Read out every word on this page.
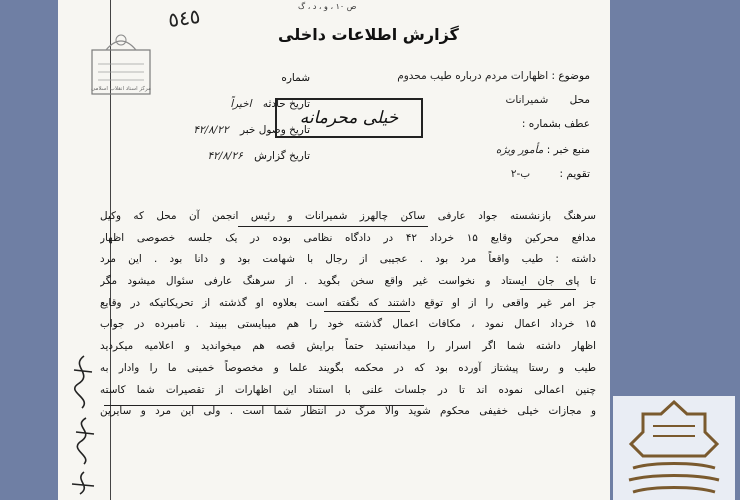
٥٤٥	ص ۱۰ ، و ، د ، گ
گزارش اطلاعات داخلی
مرکز اسناد انقلاب اسلامی
موضوع : اظهارات مردم درباره طیب محدوم
محل شمیرانات
عطف بشماره :
منبع خبر : مأمور ویژه
تقویم : ب-۲
شماره
تاریخ حادثه اخیراً
تاریخ وصول خبر ۴۲/۸/۲۲
تاریخ گزارش ۴۲/۸/۲۶
خیلی محرمانه
سرهنگ بازنشسته جواد عارفی ساکن چالهرز شمیرانات و رئیس انجمن آن محل که وکیل
مدافع محرکین وقایع ۱۵ خرداد ۴۲ در دادگاه نظامی بوده در یک جلسه خصوصی اظهار
داشته : طیب واقعاً مرد بود . عجیبی از رجال با شهامت بود و دانا بود . این مرد
تا پای جان ایستاد و نخواست غیر واقع سخن بگوید . از سرهنگ عارفی سئوال میشود مگر
جز امر غیر واقعی را از او توقع داشتند که نگفته است بعلاوه او گذشته از تحریکاتیکه در وقایع
۱۵ خرداد اعمال نمود ، مکافات اعمال گذشته خود را هم میبایستی ببیند . نامبرده در جواب
اظهار داشته شما اگر اسرار را میدانستید حتماً برایش قصه هم میخواندید و اعلامیه میکردید
طیب و رستا پیشتاز آورده بود که در محکمه بگویند علما و مخصوصاً خمینی ما را وادار به
چنین اعمالی نموده اند تا در جلسات علنی با استناد این اظهارات از تقصیرات شما کاسته
و مجازات خیلی خفیفی محکوم شوید والا مرگ در انتظار شما است . ولی این مرد و سایرین
